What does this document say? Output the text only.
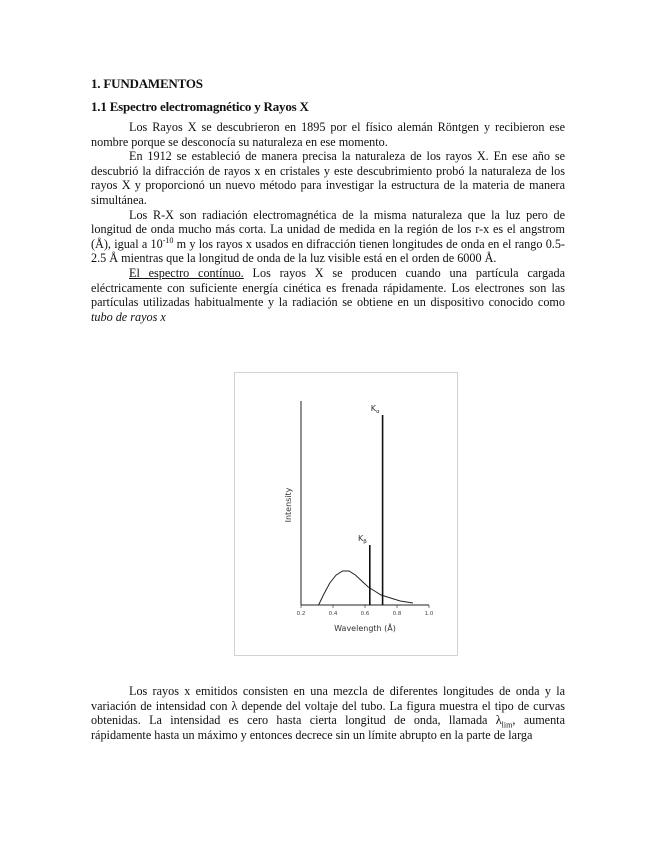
1. FUNDAMENTOS
1.1 Espectro electromagnético y Rayos X

Los Rayos X se descubrieron en 1895 por el físico alemán Röntgen y recibieron ese nombre porque se desconocía su naturaleza en ese momento.

En 1912 se estableció de manera precisa la naturaleza de los rayos X. En ese año se descubrió la difracción de rayos x en cristales y este descubrimiento probó la naturaleza de los rayos X y proporcionó un nuevo método para investigar la estructura de la materia de manera simultánea.

Los R-X son radiación electromagnética de la misma naturaleza que la luz pero de longitud de onda mucho más corta. La unidad de medida en la región de los r-x es el angstrom (Å), igual a $10^{-10}$ m y los rayos x usados en difracción tienen longitudes de onda en el rango 0.5-2.5 Å mientras que la longitud de onda de la luz visible está en el orden de 6000 Å.

El espectro contínuo. Los rayos X se producen cuando una partícula cargada eléctricamente con suficiente energía cinética es frenada rápidamente. Los electrones son las partículas utilizadas habitualmente y la radiación se obtiene en un dispositivo conocido como tubo de rayos x

0.2	0.4	0.6	0.8	1.0
Wavelength (Å)
Intensity
$K_\beta$
$K_\alpha$

Los rayos x emitidos consisten en una mezcla de diferentes longitudes de onda y la variación de intensidad con λ depende del voltaje del tubo. La figura muestra el tipo de curvas obtenidas. La intensidad es cero hasta cierta longitud de onda, llamada $\lambda_{lim}$, aumenta rápidamente hasta un máximo y entonces decrece sin un límite abrupto en la parte de larga
